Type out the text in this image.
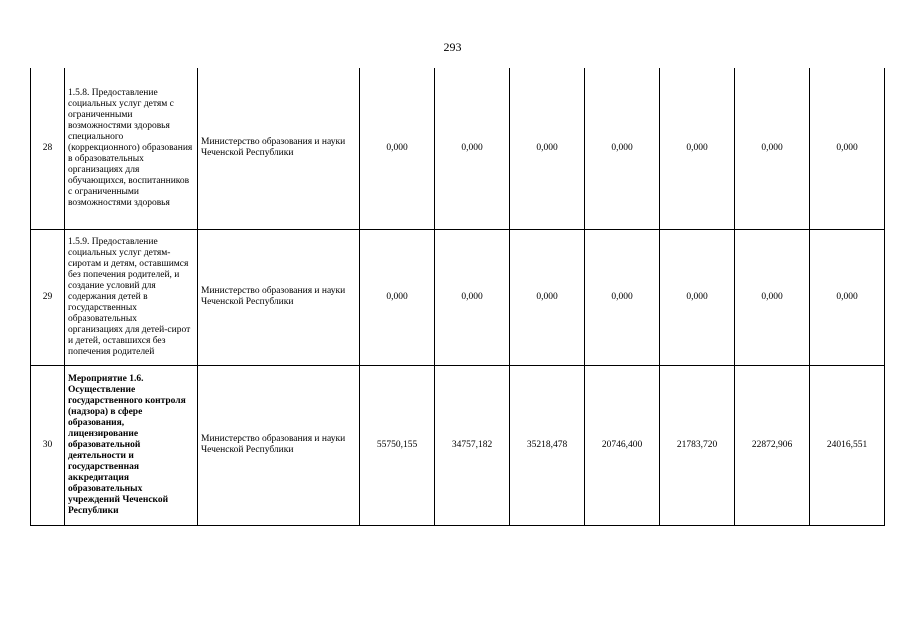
293
28	1.5.8. Предоставление социальных услуг детям с ограниченными возможностями здоровья специального (коррекционного) образования в образовательных организациях для обучающихся, воспитанников с ограниченными возможностями здоровья	Министерство образования и науки Чеченской Республики	0,000	0,000	0,000	0,000	0,000	0,000	0,000
29	1.5.9. Предоставление социальных услуг детям-сиротам и детям, оставшимся без попечения родителей, и создание условий для содержания детей в государственных образовательных организациях для детей-сирот и детей, оставшихся без попечения родителей	Министерство образования и науки Чеченской Республики	0,000	0,000	0,000	0,000	0,000	0,000	0,000
30	Мероприятие 1.6. Осуществление государственного контроля (надзора) в сфере образования, лицензирование образовательной деятельности и государственная аккредитация образовательных учреждений Чеченской Республики	Министерство образования и науки Чеченской Республики	55750,155	34757,182	35218,478	20746,400	21783,720	22872,906	24016,551
